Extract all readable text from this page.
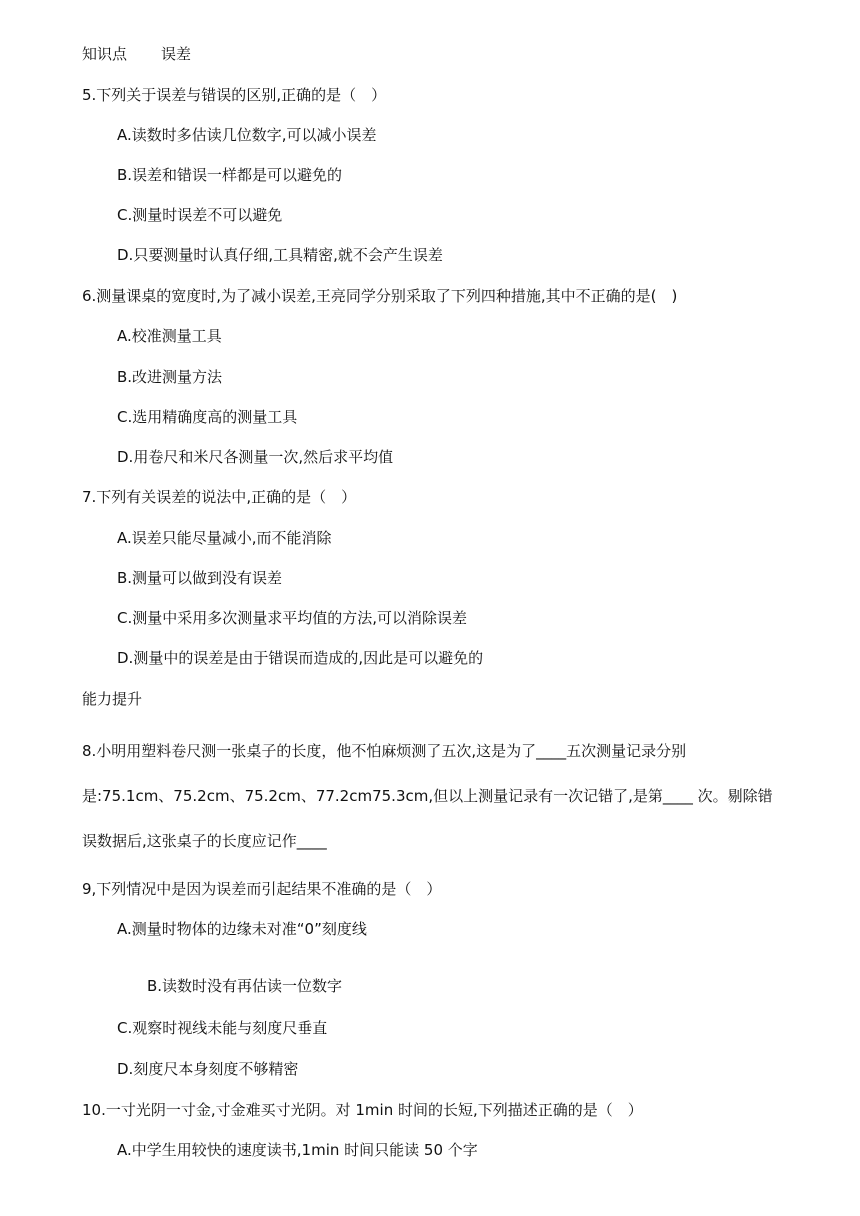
知识点 误差
5.下列关于误差与错误的区别,正确的是（　）
A.读数时多估读几位数字,可以减小误差
B.误差和错误一样都是可以避免的
C.测量时误差不可以避免
D.只要测量时认真仔细,工具精密,就不会产生误差
6.测量课桌的宽度时,为了减小误差,王亮同学分别采取了下列四种措施,其中不正确的是(　)
A.校准测量工具
B.改进测量方法
C.选用精确度高的测量工具
D.用卷尺和米尺各测量一次,然后求平均值
7.下列有关误差的说法中,正确的是（　）
A.误差只能尽量减小,而不能消除
B.测量可以做到没有误差
C.测量中采用多次测量求平均值的方法,可以消除误差
D.测量中的误差是由于错误而造成的,因此是可以避免的
能力提升
8.小明用塑料卷尺测一张桌子的长度，他不怕麻烦测了五次,这是为了____五次测量记录分别
是:75.1cm、75.2cm、75.2cm、77.2cm75.3cm,但以上测量记录有一次记错了,是第____ 次。剔除错
误数据后,这张桌子的长度应记作____
9,下列情况中是因为误差而引起结果不准确的是（　）
A.测量时物体的边缘未对准“0”刻度线
B.读数时没有再估读一位数字
C.观察时视线未能与刻度尺垂直
D.刻度尺本身刻度不够精密
10.一寸光阴一寸金,寸金难买寸光阴。对 1min 时间的长短,下列描述正确的是（　）
A.中学生用较快的速度读书,1min 时间只能读 50 个字
